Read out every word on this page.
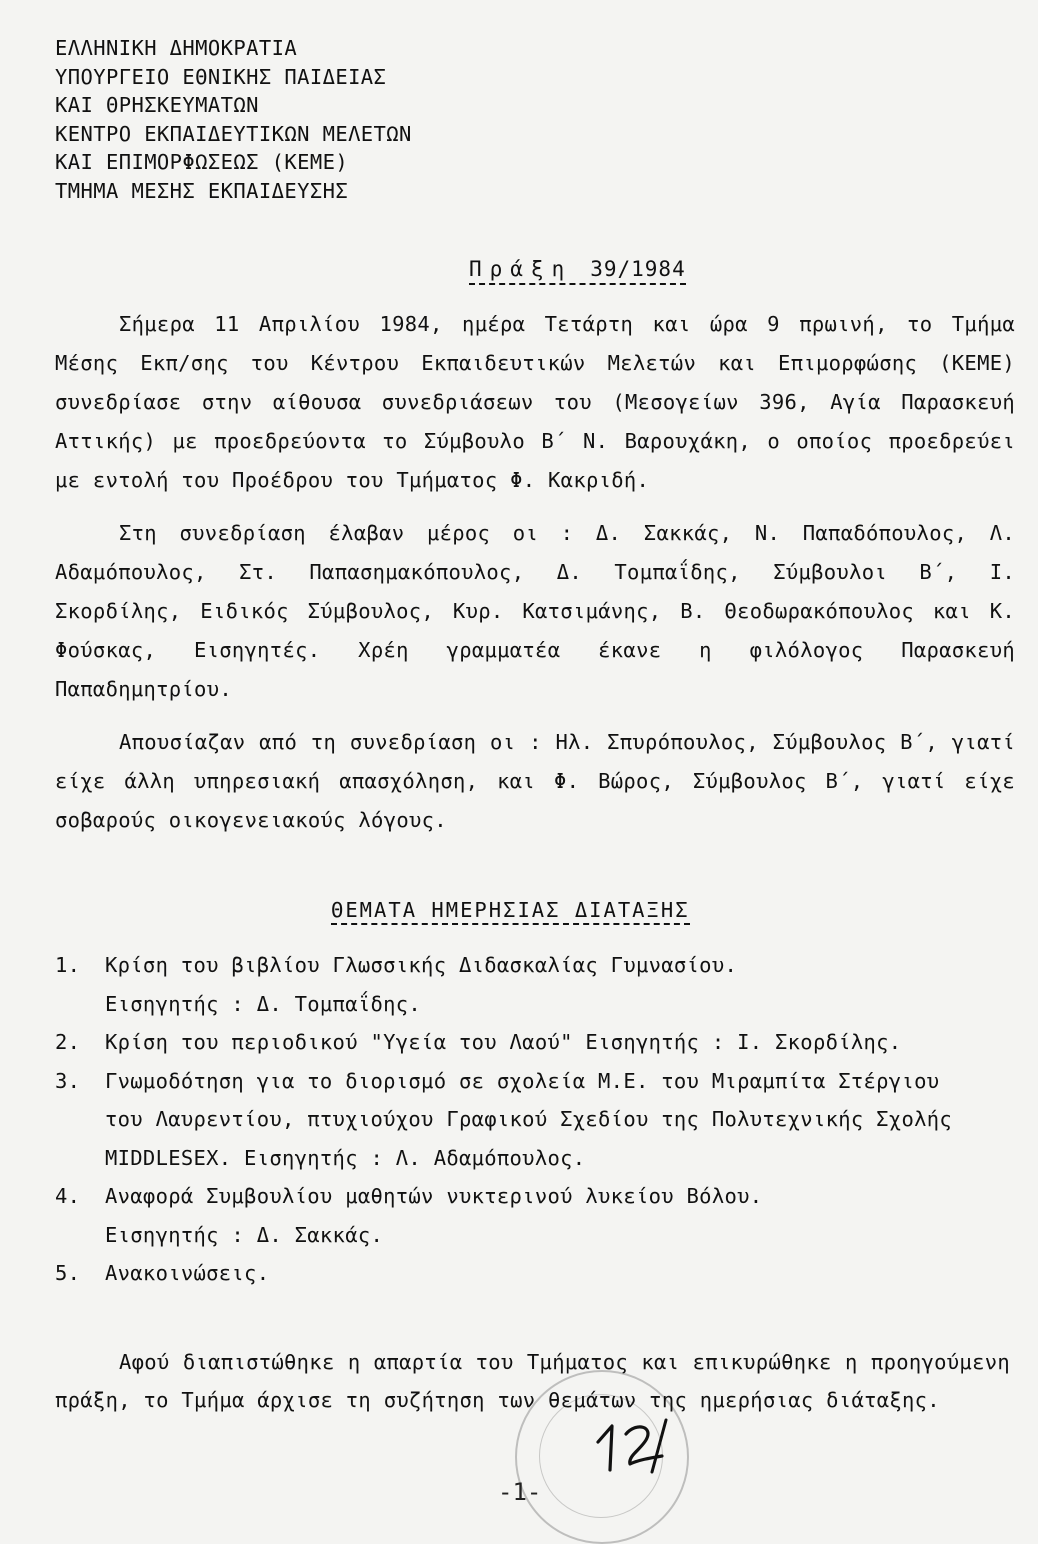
ΕΛΛΗΝΙΚΗ ΔΗΜΟΚΡΑΤΙΑ
ΥΠΟΥΡΓΕΙΟ ΕΘΝΙΚΗΣ ΠΑΙΔΕΙΑΣ
ΚΑΙ ΘΡΗΣΚΕΥΜΑΤΩΝ
ΚΕΝΤΡΟ ΕΚΠΑΙΔΕΥΤΙΚΩΝ ΜΕΛΕΤΩΝ
ΚΑΙ ΕΠΙΜΟΡΦΩΣΕΩΣ (ΚΕΜΕ)
ΤΜΗΜΑ ΜΕΣΗΣ ΕΚΠΑΙΔΕΥΣΗΣ
Πράξη 39/1984

Σήμερα 11 Απριλίου 1984, ημέρα Τετάρτη και ώρα 9 πρωινή, το Τμήμα Μέσης Εκπ/σης του Κέντρου Εκπαιδευτικών Μελετών και Επιμορφώσης (ΚΕΜΕ) συνεδρίασε στην αίθουσα συνεδριάσεων του (Μεσογείων 396, Αγία Παρασκευή Αττικής) με προεδρεύοντα το Σύμβουλο Β΄ Ν. Βαρουχάκη, ο οποίος προεδρεύει με εντολή του Προέδρου του Τμήματος Φ. Κακριδή.

Στη συνεδρίαση έλαβαν μέρος οι : Δ. Σακκάς, Ν. Παπαδόπουλος, Λ. Αδαμόπουλος, Στ. Παπασημακόπουλος, Δ. Τομπαΐδης, Σύμβουλοι Β΄, Ι. Σκορδίλης, Ειδικός Σύμβουλος, Κυρ. Κατσιμάνης, Β. Θεοδωρακόπουλος και Κ. Φούσκας, Εισηγητές. Χρέη γραμματέα έκανε η φιλόλογος Παρασκευή Παπαδημητρίου.

Απουσίαζαν από τη συνεδρίαση οι : Ηλ. Σπυρόπουλος, Σύμβουλος Β΄, γιατί είχε άλλη υπηρεσιακή απασχόληση, και Φ. Βώρος, Σύμβουλος Β΄, γιατί είχε σοβαρούς οικογενειακούς λόγους.

ΘΕΜΑΤΑ ΗΜΕΡΗΣΙΑΣ ΔΙΑΤΑΞΗΣ
1.	Κρίση του βιβλίου Γλωσσικής Διδασκαλίας Γυμνασίου.
Εισηγητής : Δ. Τομπαΐδης.
2.	Κρίση του περιοδικού "Υγεία του Λαού" Εισηγητής : Ι. Σκορδίλης.
3.	Γνωμοδότηση για το διορισμό σε σχολεία Μ.Ε. του Μιραμπίτα Στέργιου
του Λαυρεντίου, πτυχιούχου Γραφικού Σχεδίου της Πολυτεχνικής Σχολής
MIDDLESEX. Εισηγητής : Λ. Αδαμόπουλος.
4.	Αναφορά Συμβουλίου μαθητών νυκτερινού λυκείου Βόλου.
Εισηγητής : Δ. Σακκάς.
5.	Ανακοινώσεις.

Αφού διαπιστώθηκε η απαρτία του Τμήματος και επικυρώθηκε η προηγούμενη πράξη, το Τμήμα άρχισε τη συζήτηση των θεμάτων της ημερήσιας διάταξης.

-1-
